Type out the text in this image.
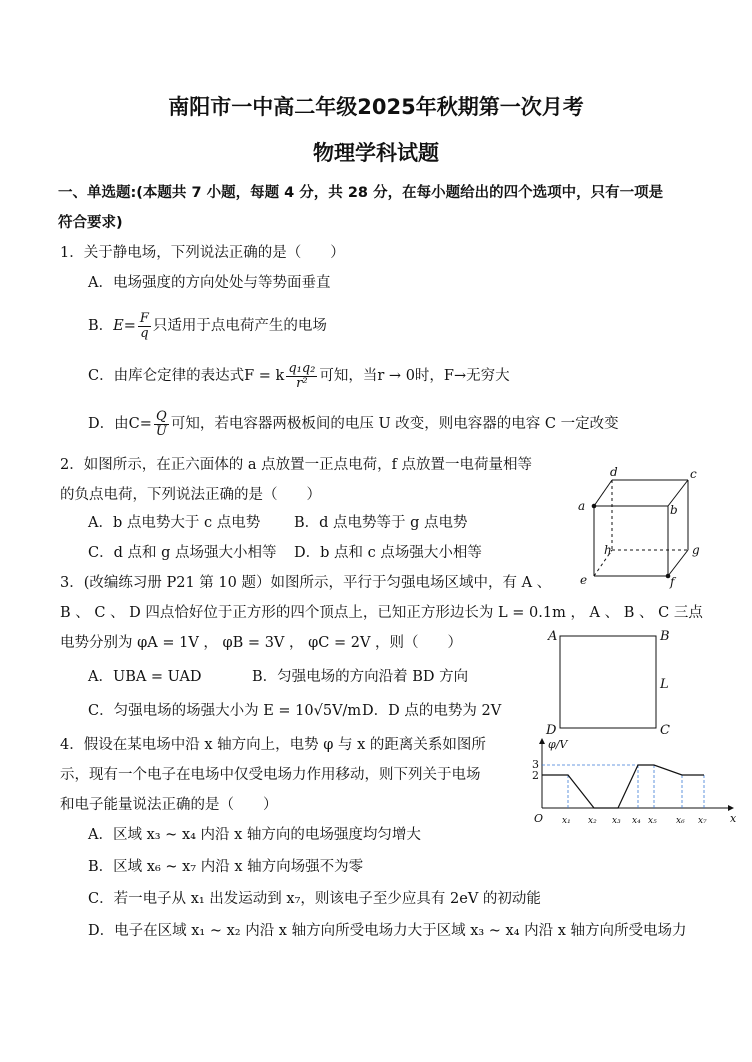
南阳市一中高二年级2025年秋期第一次月考
物理学科试题
一、单选题:(本题共 7 小题，每题 4 分，共 28 分，在每小题给出的四个选项中，只有一项是
符合要求)
1．关于静电场，下列说法正确的是（　　）
A．电场强度的方向处处与等势面垂直
B．$E= \frac{F}{q}$ 只适用于点电荷产生的电场
C．由库仑定律的表达式F = k $\frac{\text{q₁q₂}}{\text{r²}}$ 可知，当r → 0时，F→无穷大
D．由$C= \frac{Q}{U}$ 可知，若电容器两极板间的电压 U 改变，则电容器的电容 C 一定改变
2．如图所示，在正六面体的 a 点放置一正点电荷，f 点放置一电荷量相等
的负点电荷，下列说法正确的是（　　）
A．b 点电势大于 c 点电势 B．d 点电势等于 g 点电势
C．d 点和 g 点场强大小相等 D．b 点和 c 点场强大小相等
d	c
a	b
h	g
e	f
3．(改编练习册 P21 第 10 题）如图所示，平行于匀强电场区域中，有 A 、
B 、 C 、 D 四点恰好位于正方形的四个顶点上，已知正方形边长为 L = 0.1m ， A 、 B 、 C 三点
电势分别为 φA = 1V ， φB = 3V ， φC = 2V ，则（　　）
A．UBA = UAD	B．匀强电场的方向沿着 BD 方向
C．匀强电场的场强大小为 E = 10√5V/m D．D 点的电势为 2V
A	B
L
D	C
4．假设在某电场中沿 x 轴方向上，电势 φ 与 x 的距离关系如图所
示，现有一个电子在电场中仅受电场力作用移动，则下列关于电场
和电子能量说法正确的是（　　）
A．区域 x₃ ~ x₄ 内沿 x 轴方向的电场强度均匀增大
B．区域 x₆ ~ x₇ 内沿 x 轴方向场强不为零
C．若一电子从 x₁ 出发运动到 x₇，则该电子至少应具有 2eV 的初动能
D．电子在区域 x₁ ~ x₂ 内沿 x 轴方向所受电场力大于区域 x₃ ~ x₄ 内沿 x 轴方向所受电场力
φ/V
3
2
O	x
x₁ x₂ x₃ x₄ x₅ x₆ x₇
